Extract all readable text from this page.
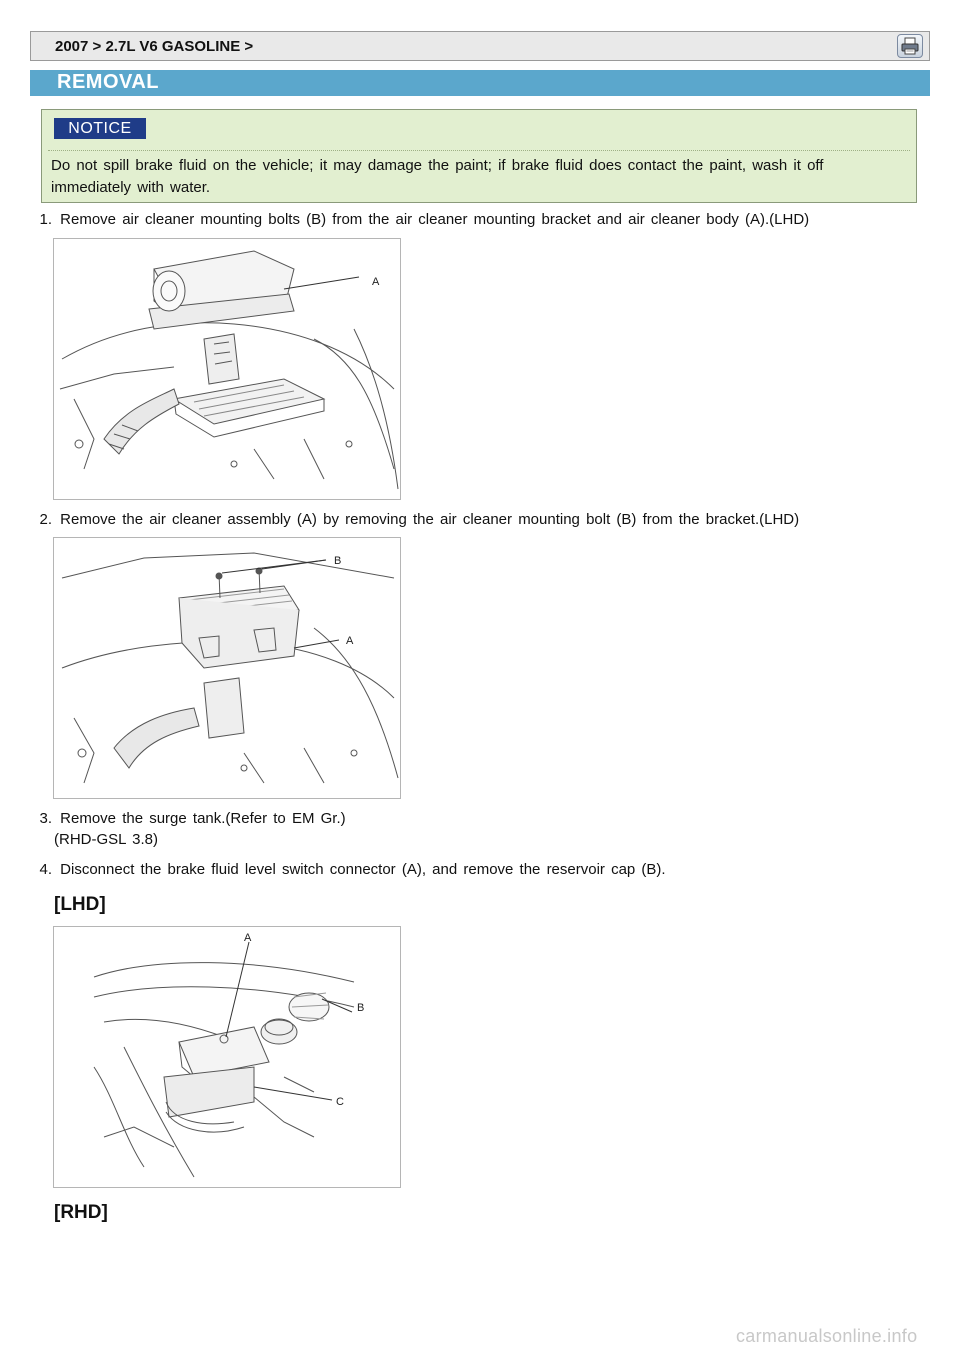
2007 > 2.7L V6 GASOLINE >
REMOVAL
NOTICE
Do not spill brake fluid on the vehicle; it may damage the paint; if brake fluid does contact the paint, wash it off immediately with water.
1. Remove air cleaner mounting bolts (B) from the air cleaner mounting bracket and air cleaner body (A).(LHD)
A
2. Remove the air cleaner assembly (A) by removing the air cleaner mounting bolt (B) from the bracket.(LHD)
B
A
3. Remove the surge tank.(Refer to EM Gr.)
(RHD-GSL 3.8)
4. Disconnect the brake fluid level switch connector (A), and remove the reservoir cap (B).
[LHD]
A
B
C
[RHD]
carmanualsonline.info
